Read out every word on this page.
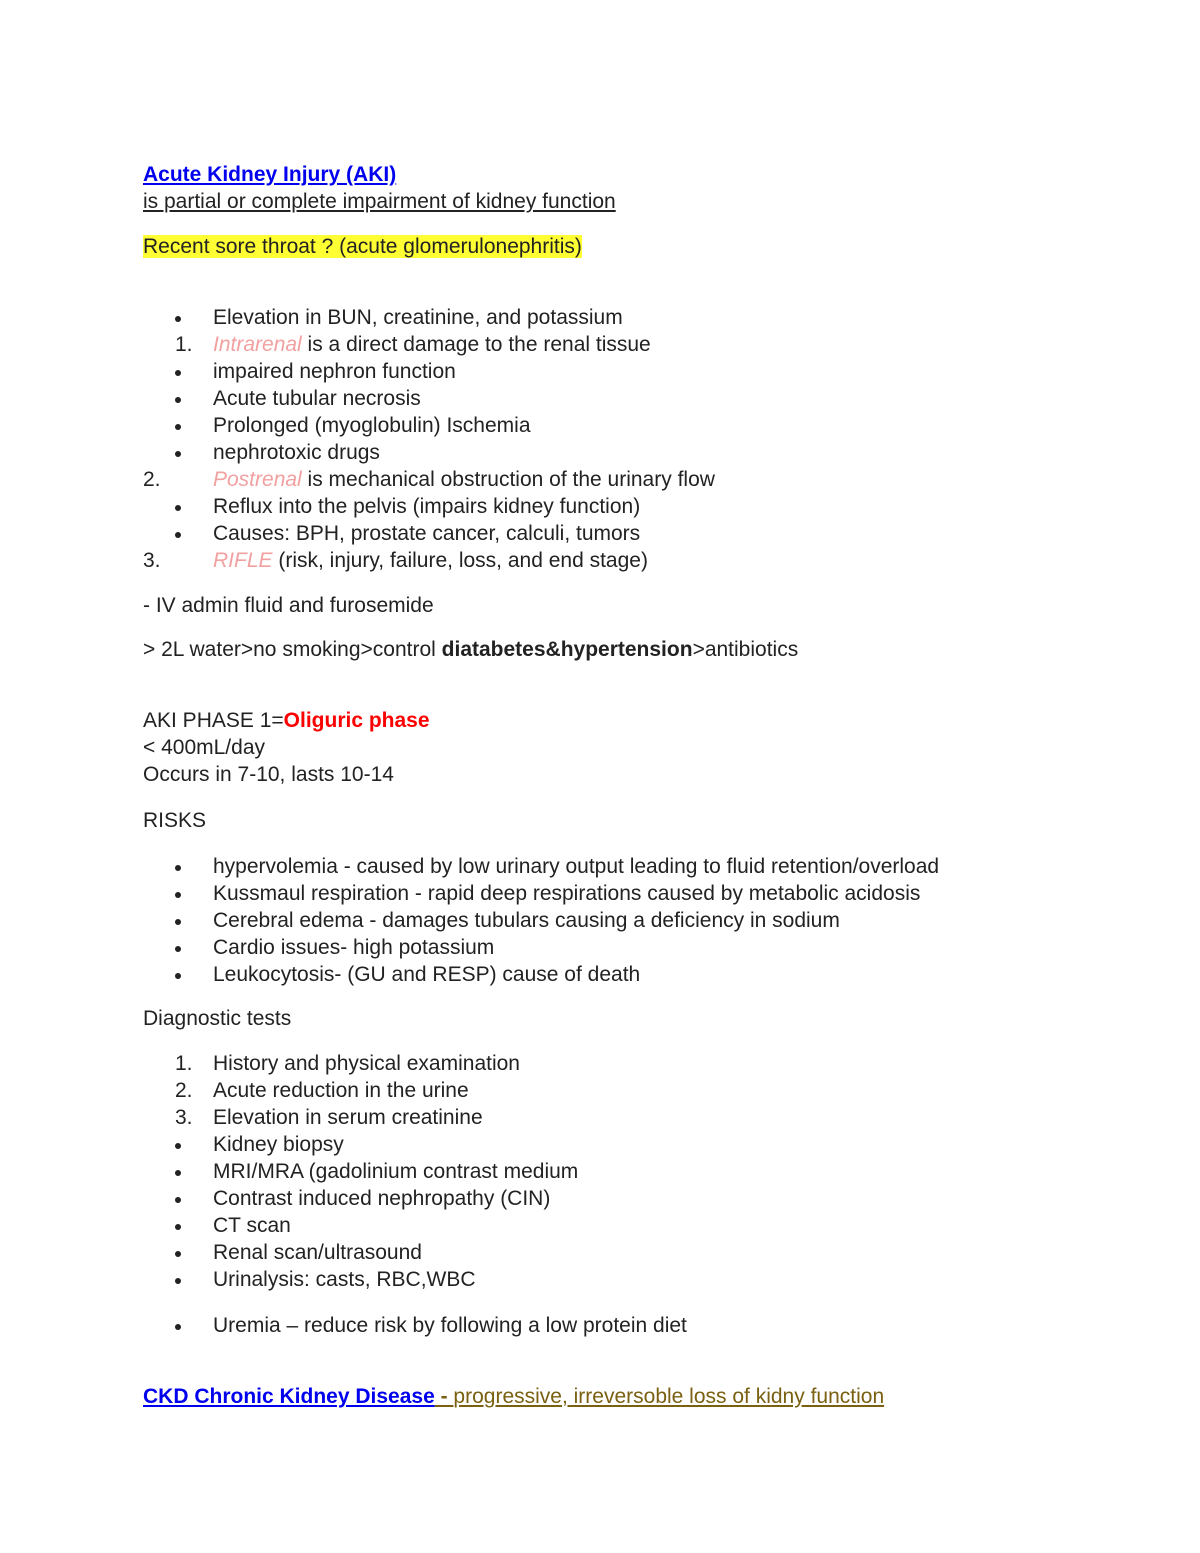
Acute Kidney Injury (AKI)
is partial or complete impairment of kidney function
Recent sore throat ? (acute glomerulonephritis)
Elevation in BUN, creatinine, and potassium
1. Intrarenal is a direct damage to the renal tissue
impaired nephron function
Acute tubular necrosis
Prolonged (myoglobulin) Ischemia
nephrotoxic drugs
2. Postrenal is mechanical obstruction of the urinary flow
Reflux into the pelvis (impairs kidney function)
Causes: BPH, prostate cancer, calculi, tumors
3. RIFLE (risk, injury, failure, loss, and end stage)
- IV admin fluid and furosemide
> 2L water>no smoking>control diatabetes&hypertension>antibiotics
AKI PHASE 1=Oliguric phase
< 400mL/day
Occurs in 7-10, lasts 10-14
RISKS
hypervolemia - caused by low urinary output leading to fluid retention/overload
Kussmaul respiration - rapid deep respirations caused by metabolic acidosis
Cerebral edema - damages tubulars causing a deficiency in sodium
Cardio issues- high potassium
Leukocytosis- (GU and RESP) cause of death
Diagnostic tests
1. History and physical examination
2. Acute reduction in the urine
3. Elevation in serum creatinine
Kidney biopsy
MRI/MRA (gadolinium contrast medium
Contrast induced nephropathy (CIN)
CT scan
Renal scan/ultrasound
Urinalysis: casts, RBC,WBC
Uremia – reduce risk by following a low protein diet
CKD Chronic Kidney Disease - progressive, irreversoble loss of kidny function
